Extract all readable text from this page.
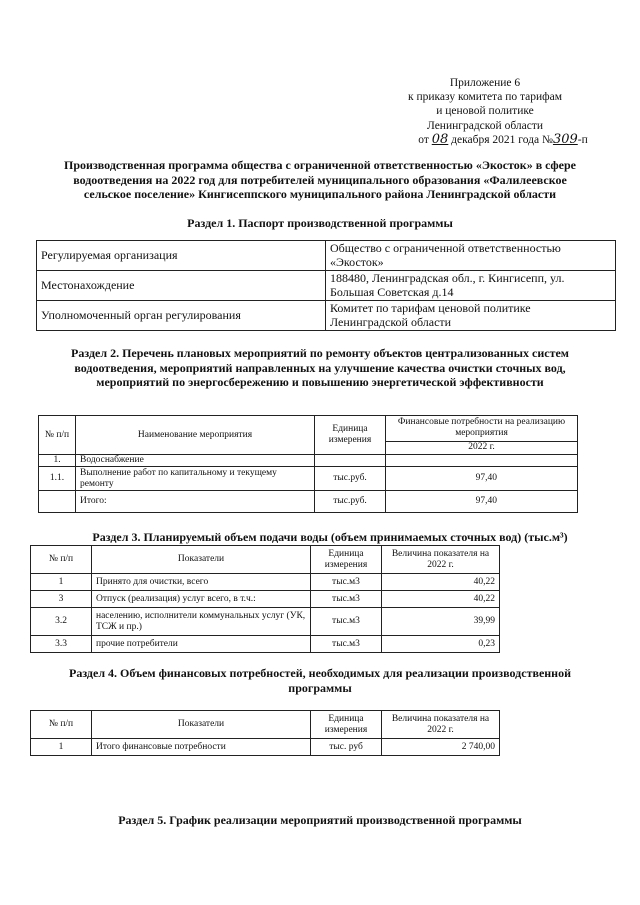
Приложение 6
к приказу комитета по тарифам
и ценовой политике
Ленинградской области
от 08 декабря 2021 года №309-п
Производственная программа общества с ограниченной ответственностью «Экосток» в сфере
водоотведения на 2022 год для потребителей муниципального образования «Фалилеевское
сельское поселение» Кингисеппского муниципального района Ленинградской области
Раздел 1. Паспорт производственной программы
Регулируемая организация	Общество с ограниченной ответственностью «Экосток»
Местонахождение	188480, Ленинградская обл., г. Кингисепп, ул. Большая Советская д.14
Уполномоченный орган регулирования	Комитет по тарифам ценовой политике Ленинградской области
Раздел 2. Перечень плановых мероприятий по ремонту объектов централизованных систем
водоотведения, мероприятий направленных на улучшение качества очистки сточных вод,
мероприятий по энергосбережению и повышению энергетической эффективности
№ п/п	Наименование мероприятия	Единица измерения	Финансовые потребности на реализацию мероприятия
			2022 г.
1.	Водоснабжение		
1.1.	Выполнение работ по капитальному и текущему ремонту	тыс.руб.	97,40
	Итого:	тыс.руб.	97,40
Раздел 3. Планируемый объем подачи воды (объем принимаемых сточных вод) (тыс.м³)
№ п/п	Показатели	Единица измерения	Величина показателя на 2022 г.
1	Принято для очистки, всего	тыс.м3	40,22
3	Отпуск (реализация) услуг всего, в т.ч.:	тыс.м3	40,22
3.2	населению, исполнители коммунальных услуг (УК, ТСЖ и пр.)	тыс.м3	39,99
3.3	прочие потребители	тыс.м3	0,23
Раздел 4. Объем финансовых потребностей, необходимых для реализации производственной
программы
№ п/п	Показатели	Единица измерения	Величина показателя на 2022 г.
1	Итого финансовые потребности	тыс. руб	2 740,00
Раздел 5. График реализации мероприятий производственной программы
